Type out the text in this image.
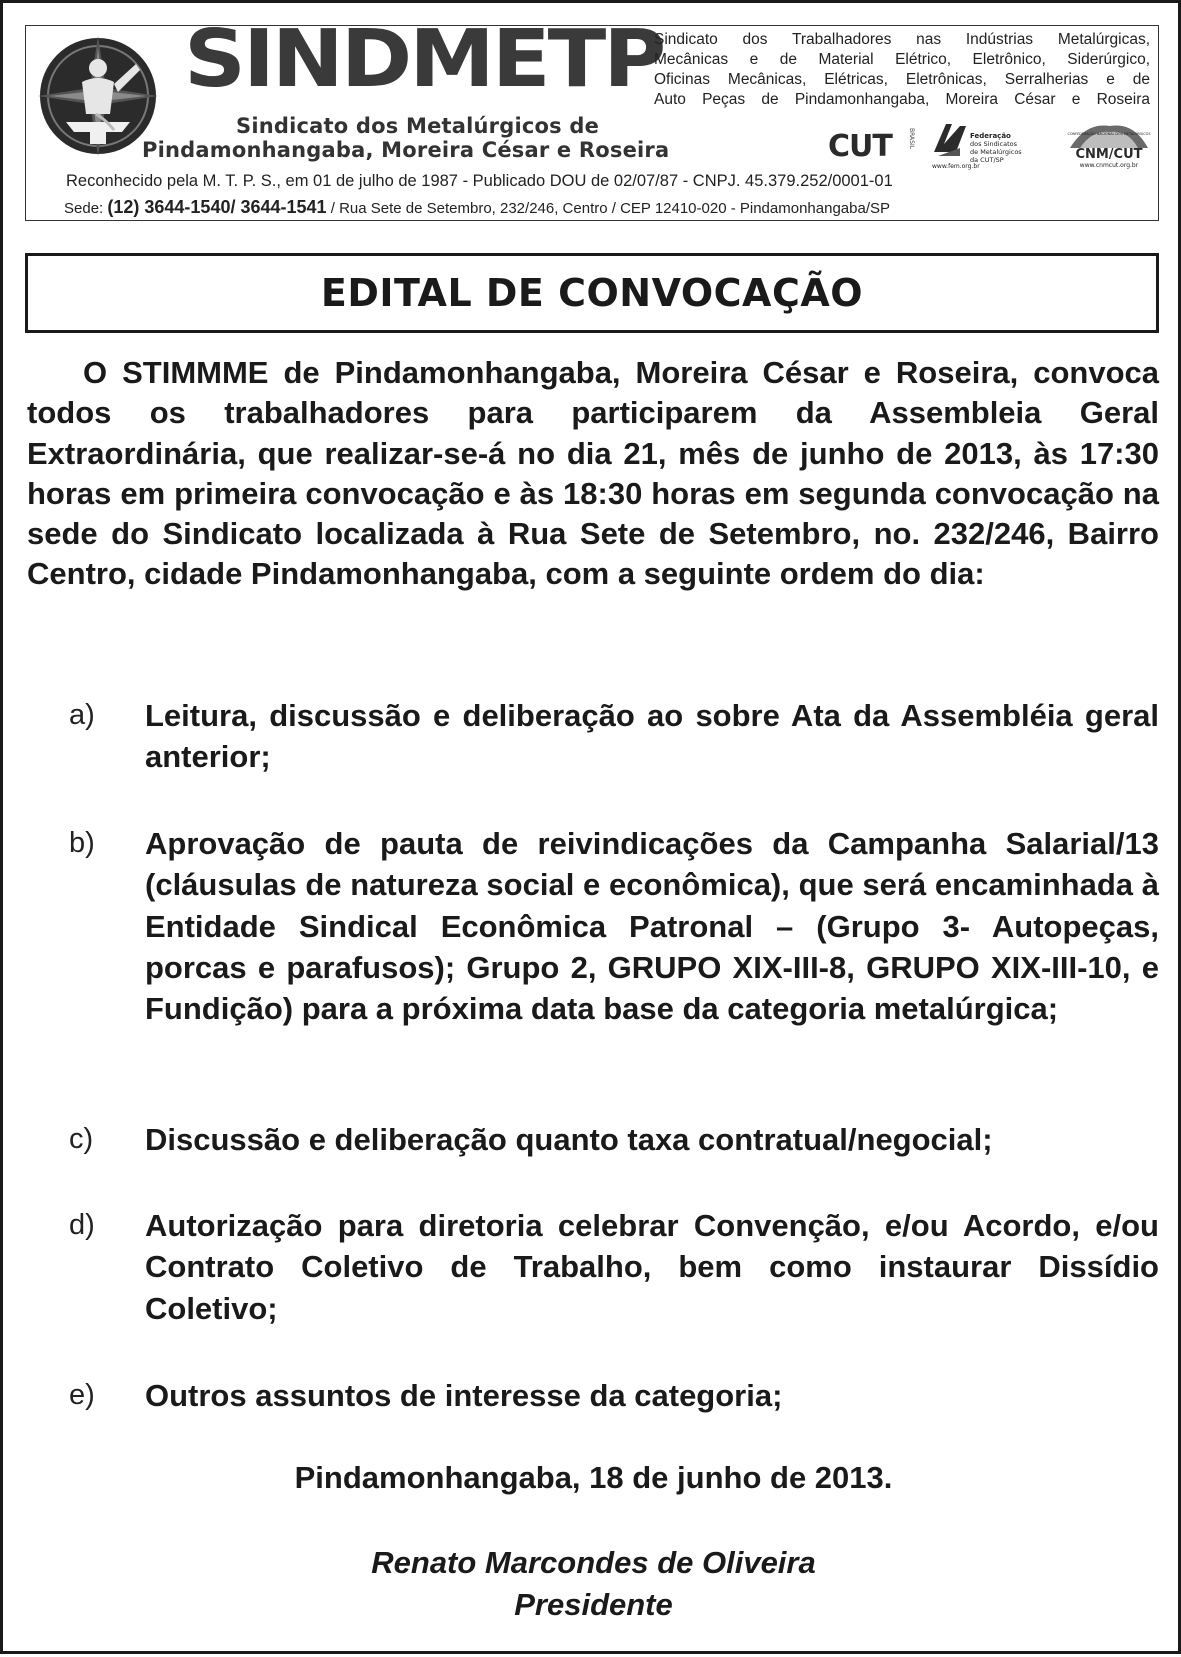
SINDMETP
Sindicato dos Metalúrgicos de
Pindamonhangaba, Moreira César e Roseira
Sindicato dos Trabalhadores nas Indústrias Metalúrgicas,
Mecânicas e de Material Elétrico, Eletrônico, Siderúrgico,
Oficinas Mecânicas, Elétricas, Eletrônicas, Serralherias e de
Auto Peças de Pindamonhangaba, Moreira César e Roseira
CUT	BRASIL	Federação
dos Sindicatos
de Metalúrgicos
da CUT/SP
www.fem.org.br
CONFEDERAÇÃO NACIONAL DOS METALÚRGICOS
CNM/CUT
www.cnmcut.org.br
Reconhecido pela M. T. P. S., em 01 de julho de 1987 - Publicado DOU de 02/07/87 - CNPJ. 45.379.252/0001-01
Sede: (12) 3644-1540/ 3644-1541 / Rua Sete de Setembro, 232/246, Centro / CEP 12410-020 - Pindamonhangaba/SP
EDITAL DE CONVOCAÇÃO

O STIMMME de Pindamonhangaba, Moreira César e Roseira, convoca todos os trabalhadores para participarem da Assembleia Geral Extraordinária, que realizar-se-á no dia 21, mês de junho de 2013, às 17:30 horas em primeira convocação e às 18:30 horas em segunda convocação na sede do Sindicato localizada à Rua Sete de Setembro, no. 232/246, Bairro Centro, cidade Pindamonhangaba, com a seguinte ordem do dia:

a) Leitura, discussão e deliberação ao sobre Ata da Assembléia geral anterior;
b) Aprovação de pauta de reivindicações da Campanha Salarial/13 (cláusulas de natureza social e econômica), que será encaminhada à Entidade Sindical Econômica Patronal – (Grupo 3- Autopeças, porcas e parafusos); Grupo 2, GRUPO XIX-III-8, GRUPO XIX-III-10, e Fundição) para a próxima data base da categoria metalúrgica;
c) Discussão e deliberação quanto taxa contratual/negocial;
d) Autorização para diretoria celebrar Convenção, e/ou Acordo, e/ou Contrato Coletivo de Trabalho, bem como instaurar Dissídio Coletivo;
e) Outros assuntos de interesse da categoria;
Pindamonhangaba, 18 de junho de 2013.
Renato Marcondes de Oliveira
Presidente
